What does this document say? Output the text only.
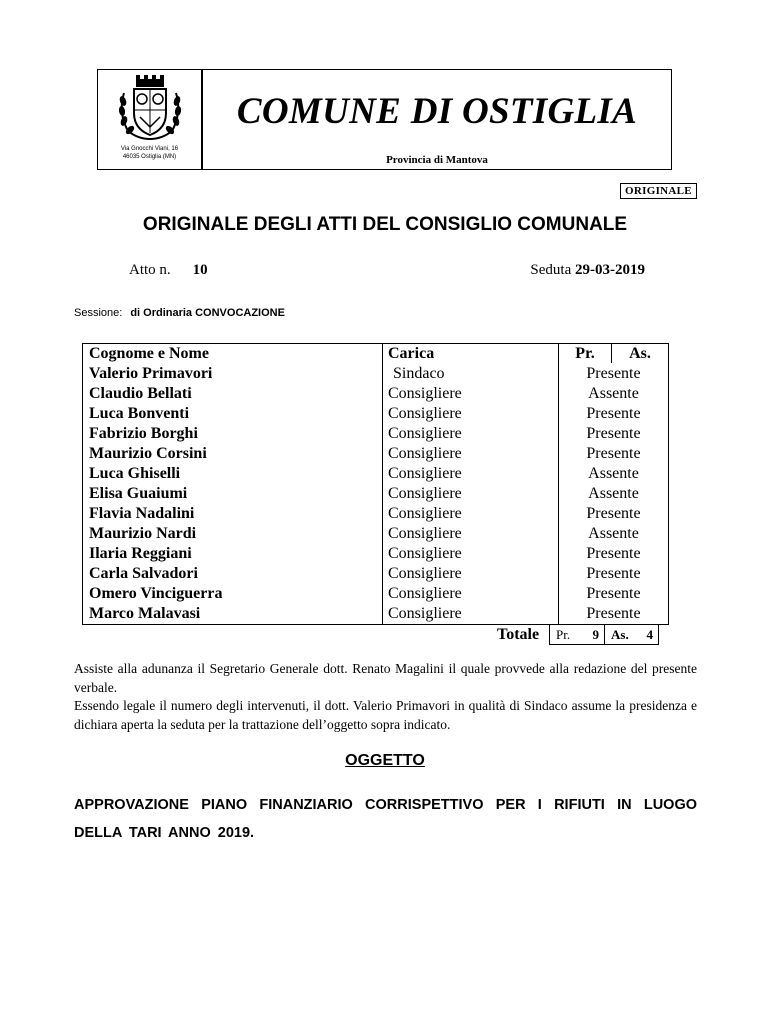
Via Gnocchi Viani, 16
46035 Ostiglia (MN)
COMUNE DI OSTIGLIA
Provincia di Mantova
ORIGINALE
ORIGINALE DEGLI ATTI DEL CONSIGLIO COMUNALE
Atto n. 10	Seduta 29-03-2019
Sessione: di Ordinaria CONVOCAZIONE
Cognome e Nome	Carica	Pr. As.

Valerio Primavori	Sindaco	Presente
Claudio Bellati	Consigliere	Assente
Luca Bonventi	Consigliere	Presente
Fabrizio Borghi	Consigliere	Presente
Maurizio Corsini	Consigliere	Presente
Luca Ghiselli	Consigliere	Assente
Elisa Guaiumi	Consigliere	Assente
Flavia Nadalini	Consigliere	Presente
Maurizio Nardi	Consigliere	Assente
Ilaria Reggiani	Consigliere	Presente
Carla Salvadori	Consigliere	Presente
Omero Vinciguerra	Consigliere	Presente
Marco Malavasi	Consigliere	Presente
Totale Pr. 9 As. 4
Assiste alla adunanza il Segretario Generale dott. Renato Magalini il quale provvede alla redazione del presente verbale.
Essendo legale il numero degli intervenuti, il dott. Valerio Primavori in qualità di Sindaco assume la presidenza e dichiara aperta la seduta per la trattazione dell’oggetto sopra indicato.
OGGETTO
APPROVAZIONE PIANO FINANZIARIO CORRISPETTIVO PER I RIFIUTI IN LUOGO DELLA TARI ANNO 2019.
